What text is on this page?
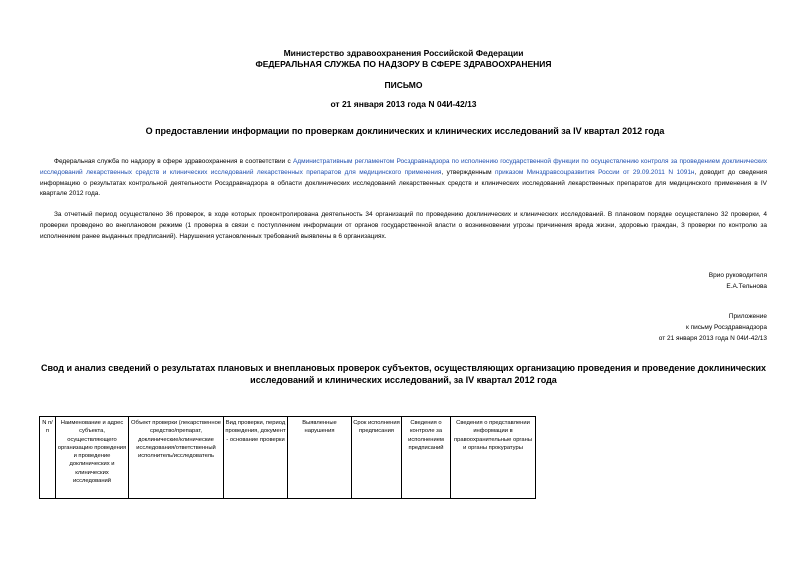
Министерство здравоохранения Российской Федерации
ФЕДЕРАЛЬНАЯ СЛУЖБА ПО НАДЗОРУ В СФЕРЕ ЗДРАВООХРАНЕНИЯ
ПИСЬМО
от 21 января 2013 года N 04И-42/13
О предоставлении информации по проверкам доклинических и клинических исследований за IV квартал 2012 года
Федеральная служба по надзору в сфере здравоохранения в соответствии с Административным регламентом Росздравнадзора по исполнению государственной функции по осуществлению контроля за проведением доклинических исследований лекарственных средств и клинических исследований лекарственных препаратов для медицинского применения, утвержденным приказом Минздравсоцразвития России от 29.09.2011 N 1091н, доводит до сведения информацию о результатах контрольной деятельности Росздравнадзора в области доклинических исследований лекарственных средств и клинических исследований лекарственных препаратов для медицинского применения в IV квартале 2012 года.
За отчетный период осуществлено 36 проверок, в ходе которых проконтролирована деятельность 34 организаций по проведению доклинических и клинических исследований. В плановом порядке осуществлено 32 проверки, 4 проверки проведено во внеплановом режиме (1 проверка в связи с поступлением информации от органов государственной власти о возникновении угрозы причинения вреда жизни, здоровью граждан, 3 проверки по контролю за исполнением ранее выданных предписаний). Нарушения установленных требований выявлены в 6 организациях.
Врио руководителя
Е.А.Тельнова
Приложение
к письму Росздравнадзора
от 21 января 2013 года N 04И-42/13
Свод и анализ сведений о результатах плановых и внеплановых проверок субъектов, осуществляющих организацию проведения и проведение доклинических исследований и клинических исследований, за IV квартал 2012 года
N п/п	Наименование и адрес субъекта, осуществляющего организацию проведения и проведение доклинических и клинических исследований	Объект проверки (лекарственное средство/препарат, доклинические/клинические исследования/ответственный исполнитель/исследователь	Вид проверки, период проведения, документ - основание проверки	Выявленные нарушения	Срок исполнения предписания	Сведения о контроле за исполнением предписаний	Сведения о представлении информации в правоохранительные органы и органы прокуратуры
